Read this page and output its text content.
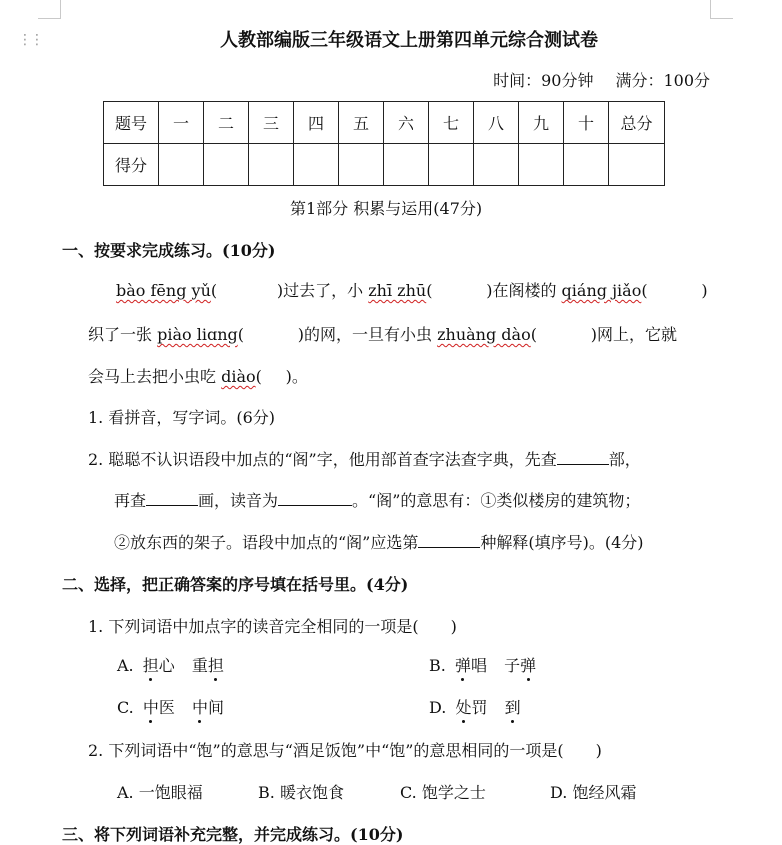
⋮⋮	人教部编版三年级语文上册第四单元综合测试卷
时间：90分钟 满分：100分
题号	一	二	三	四	五	六	七	八	九	十	总分
得分											
第1部分 积累与运用(47分)
一、按要求完成练习。(10分)
bào fēng yǔ(	)过去了，小 zhī zhū(	)在阁楼的 qiáng jiǎo(	)
织了一张 piào liɑng(	)的网，一旦有小虫 zhuàng dào(	)网上，它就
会马上去把小虫吃 diào( )。
1. 看拼音，写字词。(6分)
2. 聪聪不认识语段中加点的“阁”字，他用部首查字法查字典，先查	部，
再查	画，读音为	。“阁”的意思有：①类似楼房的建筑物；
②放东西的架子。语段中加点的“阁”应选第	种解释(填序号)。(4分)
二、选择，把正确答案的序号填在括号里。(4分)
1. 下列词语中加点字的读音完全相同的一项是(　　)
A. 担心 重担	B. 弹唱 子弹
C. 中医 中间	D. 处罚 到
2. 下列词语中“饱”的意思与“酒足饭饱”中“饱”的意思相同的一项是(　　)
A. 一饱眼福	B. 暖衣饱食	C. 饱学之士	D. 饱经风霜
三、将下列词语补充完整，并完成练习。(10分)
